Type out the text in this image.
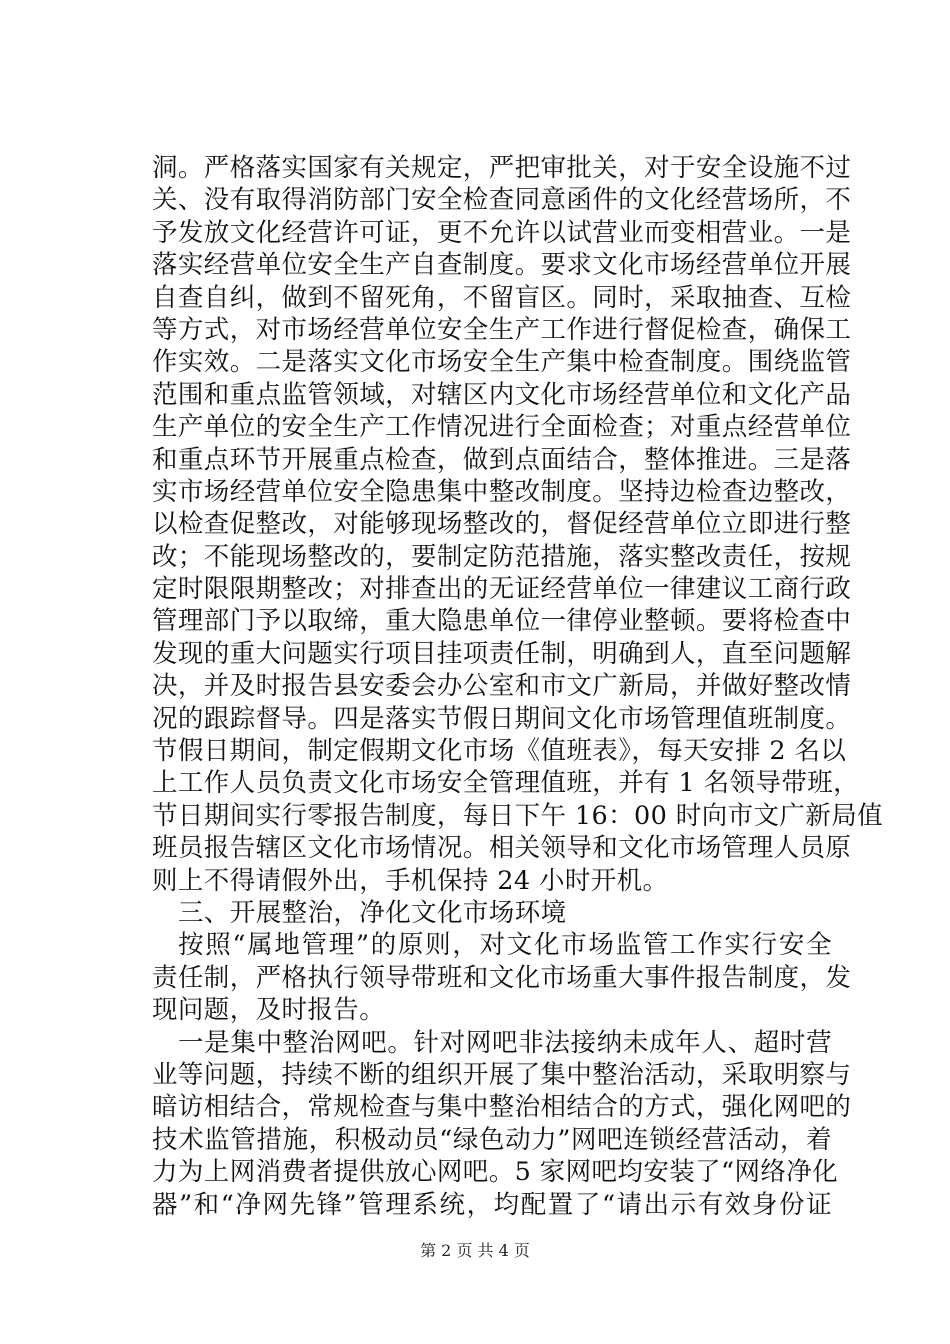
洞。严格落实国家有关规定，严把审批关，对于安全设施不过
关、没有取得消防部门安全检查同意函件的文化经营场所，不
予发放文化经营许可证，更不允许以试营业而变相营业。一是
落实经营单位安全生产自查制度。要求文化市场经营单位开展
自查自纠，做到不留死角，不留盲区。同时，采取抽查、互检
等方式，对市场经营单位安全生产工作进行督促检查，确保工
作实效。二是落实文化市场安全生产集中检查制度。围绕监管
范围和重点监管领域，对辖区内文化市场经营单位和文化产品
生产单位的安全生产工作情况进行全面检查；对重点经营单位
和重点环节开展重点检查，做到点面结合，整体推进。三是落
实市场经营单位安全隐患集中整改制度。坚持边检查边整改，
以检查促整改，对能够现场整改的，督促经营单位立即进行整
改；不能现场整改的，要制定防范措施，落实整改责任，按规
定时限限期整改；对排查出的无证经营单位一律建议工商行政
管理部门予以取缔，重大隐患单位一律停业整顿。要将检查中
发现的重大问题实行项目挂项责任制，明确到人，直至问题解
决，并及时报告县安委会办公室和市文广新局，并做好整改情
况的跟踪督导。四是落实节假日期间文化市场管理值班制度。
节假日期间，制定假期文化市场《值班表》，每天安排 2 名以
上工作人员负责文化市场安全管理值班，并有 1 名领导带班，
节日期间实行零报告制度，每日下午 16：00 时向市文广新局值
班员报告辖区文化市场情况。相关领导和文化市场管理人员原
则上不得请假外出，手机保持 24 小时开机。
三、开展整治，净化文化市场环境
按照“属地管理”的原则，对文化市场监管工作实行安全
责任制，严格执行领导带班和文化市场重大事件报告制度，发
现问题，及时报告。
一是集中整治网吧。针对网吧非法接纳未成年人、超时营
业等问题，持续不断的组织开展了集中整治活动，采取明察与
暗访相结合，常规检查与集中整治相结合的方式，强化网吧的
技术监管措施，积极动员“绿色动力”网吧连锁经营活动，着
力为上网消费者提供放心网吧。5 家网吧均安装了“网络净化
器”和“净网先锋”管理系统，均配置了“请出示有效身份证
第 2 页 共 4 页
